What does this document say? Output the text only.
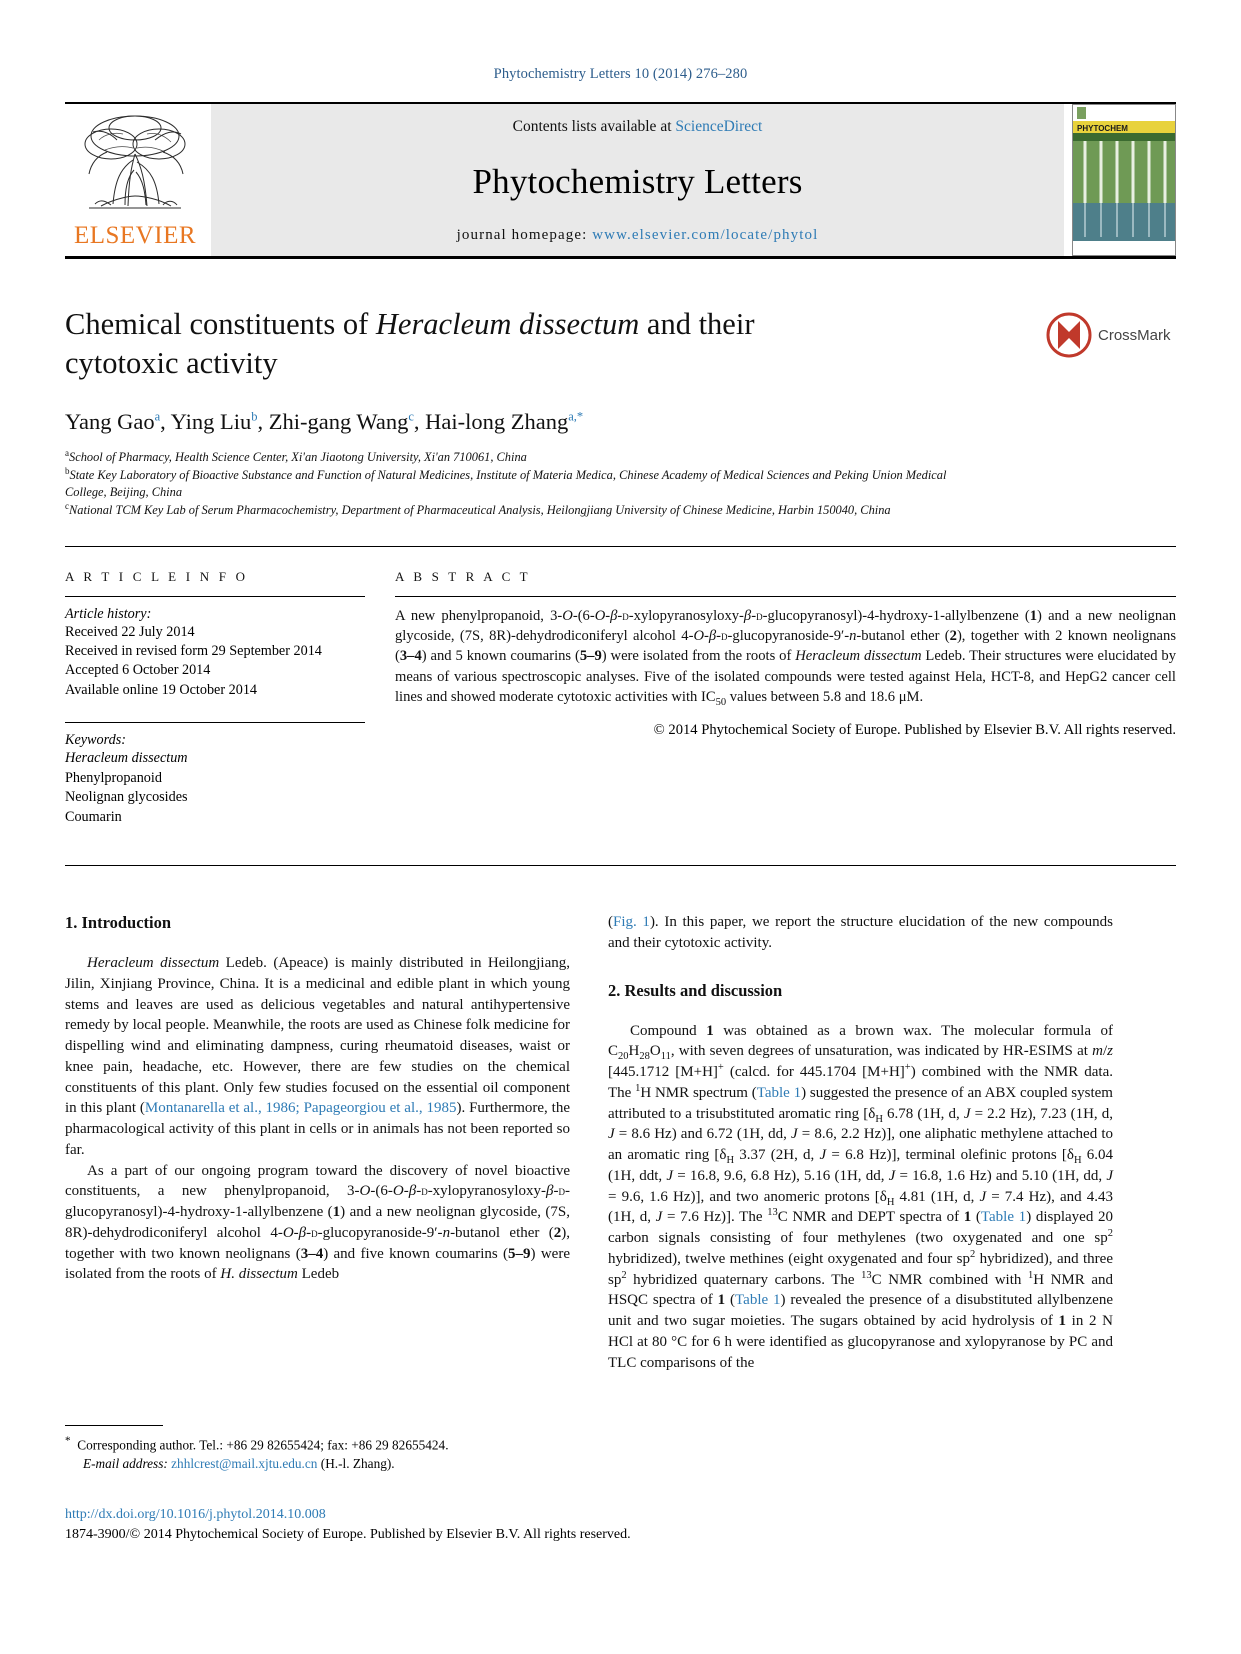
Phytochemistry Letters 10 (2014) 276–280
ELSEVIER
Contents lists available at ScienceDirect
Phytochemistry Letters
journal homepage: www.elsevier.com/locate/phytol
PHYTOCHEM
Chemical constituents of Heracleum dissectum and their
cytotoxic activity
CrossMark
Yang Gao$^a$, Ying Liu$^b$, Zhi-gang Wang$^c$, Hai-long Zhang$^{a,*}$
$^a$School of Pharmacy, Health Science Center, Xi'an Jiaotong University, Xi'an 710061, China
$^b$State Key Laboratory of Bioactive Substance and Function of Natural Medicines, Institute of Materia Medica, Chinese Academy of Medical Sciences and Peking Union Medical College, Beijing, China
$^c$National TCM Key Lab of Serum Pharmacochemistry, Department of Pharmaceutical Analysis, Heilongjiang University of Chinese Medicine, Harbin 150040, China
A R T I C L E I N F O
Article history:
Received 22 July 2014
Received in revised form 29 September 2014
Accepted 6 October 2014
Available online 19 October 2014
Keywords:
Heracleum dissectum
Phenylpropanoid
Neolignan glycosides
Coumarin
A B S T R A C T
A new phenylpropanoid, 3-O-(6-O-β-d-xylopyranosyloxy-β-d-glucopyranosyl)-4-hydroxy-1-allylbenzene (1) and a new neolignan glycoside, (7S, 8R)-dehydrodiconiferyl alcohol 4-O-β-d-glucopyranoside-9′-n-butanol ether (2), together with 2 known neolignans (3–4) and 5 known coumarins (5–9) were isolated from the roots of Heracleum dissectum Ledeb. Their structures were elucidated by means of various spectroscopic analyses. Five of the isolated compounds were tested against Hela, HCT-8, and HepG2 cancer cell lines and showed moderate cytotoxic activities with $IC_{50}$ values between 5.8 and 18.6 μM.
© 2014 Phytochemical Society of Europe. Published by Elsevier B.V. All rights reserved.
1. Introduction

Heracleum dissectum Ledeb. (Apeace) is mainly distributed in Heilongjiang, Jilin, Xinjiang Province, China. It is a medicinal and edible plant in which young stems and leaves are used as delicious vegetables and natural antihypertensive remedy by local people. Meanwhile, the roots are used as Chinese folk medicine for dispelling wind and eliminating dampness, curing rheumatoid diseases, waist or knee pain, headache, etc. However, there are few studies on the chemical constituents of this plant. Only few studies focused on the essential oil component in this plant (Montanarella et al., 1986; Papageorgiou et al., 1985). Furthermore, the pharmacological activity of this plant in cells or in animals has not been reported so far.

As a part of our ongoing program toward the discovery of novel bioactive constituents, a new phenylpropanoid, 3-O-(6-O-β-d-xylopyranosyloxy-β-d-glucopyranosyl)-4-hydroxy-1-allylbenzene (1) and a new neolignan glycoside, (7S, 8R)-dehydrodiconiferyl alcohol 4-O-β-d-glucopyranoside-9′-n-butanol ether (2), together with two known neolignans (3–4) and five known coumarins (5–9) were isolated from the roots of H. dissectum Ledeb

(Fig. 1). In this paper, we report the structure elucidation of the new compounds and their cytotoxic activity.

2. Results and discussion

Compound 1 was obtained as a brown wax. The molecular formula of $C_{20}H_{28}O_{11}$, with seven degrees of unsaturation, was indicated by HR-ESIMS at m/z [445.1712 [M+H]+ (calcd. for 445.1704 [M+H]+) combined with the NMR data. The $^1$H NMR spectrum (Table 1) suggested the presence of an ABX coupled system attributed to a trisubstituted aromatic ring [$\delta_H$ 6.78 (1H, d, J = 2.2 Hz), 7.23 (1H, d, J = 8.6 Hz) and 6.72 (1H, dd, J = 8.6, 2.2 Hz)], one aliphatic methylene attached to an aromatic ring [$\delta_H$ 3.37 (2H, d, J = 6.8 Hz)], terminal olefinic protons [$\delta_H$ 6.04 (1H, ddt, J = 16.8, 9.6, 6.8 Hz), 5.16 (1H, dd, J = 16.8, 1.6 Hz) and 5.10 (1H, dd, J = 9.6, 1.6 Hz)], and two anomeric protons [$\delta_H$ 4.81 (1H, d, J = 7.4 Hz), and 4.43 (1H, d, J = 7.6 Hz)]. The $^{13}$C NMR and DEPT spectra of 1 (Table 1) displayed 20 carbon signals consisting of four methylenes (two oxygenated and one $sp^2$ hybridized), twelve methines (eight oxygenated and four $sp^2$ hybridized), and three $sp^2$ hybridized quaternary carbons. The $^{13}$C NMR combined with $^1$H NMR and HSQC spectra of 1 (Table 1) revealed the presence of a disubstituted allylbenzene unit and two sugar moieties. The sugars obtained by acid hydrolysis of 1 in 2 N HCl at 80 °C for 6 h were identified as glucopyranose and xylopyranose by PC and TLC comparisons of the

* Corresponding author. Tel.: +86 29 82655424; fax: +86 29 82655424.
E-mail address: zhhlcrest@mail.xjtu.edu.cn (H.-l. Zhang).
http://dx.doi.org/10.1016/j.phytol.2014.10.008
1874-3900/© 2014 Phytochemical Society of Europe. Published by Elsevier B.V. All rights reserved.
